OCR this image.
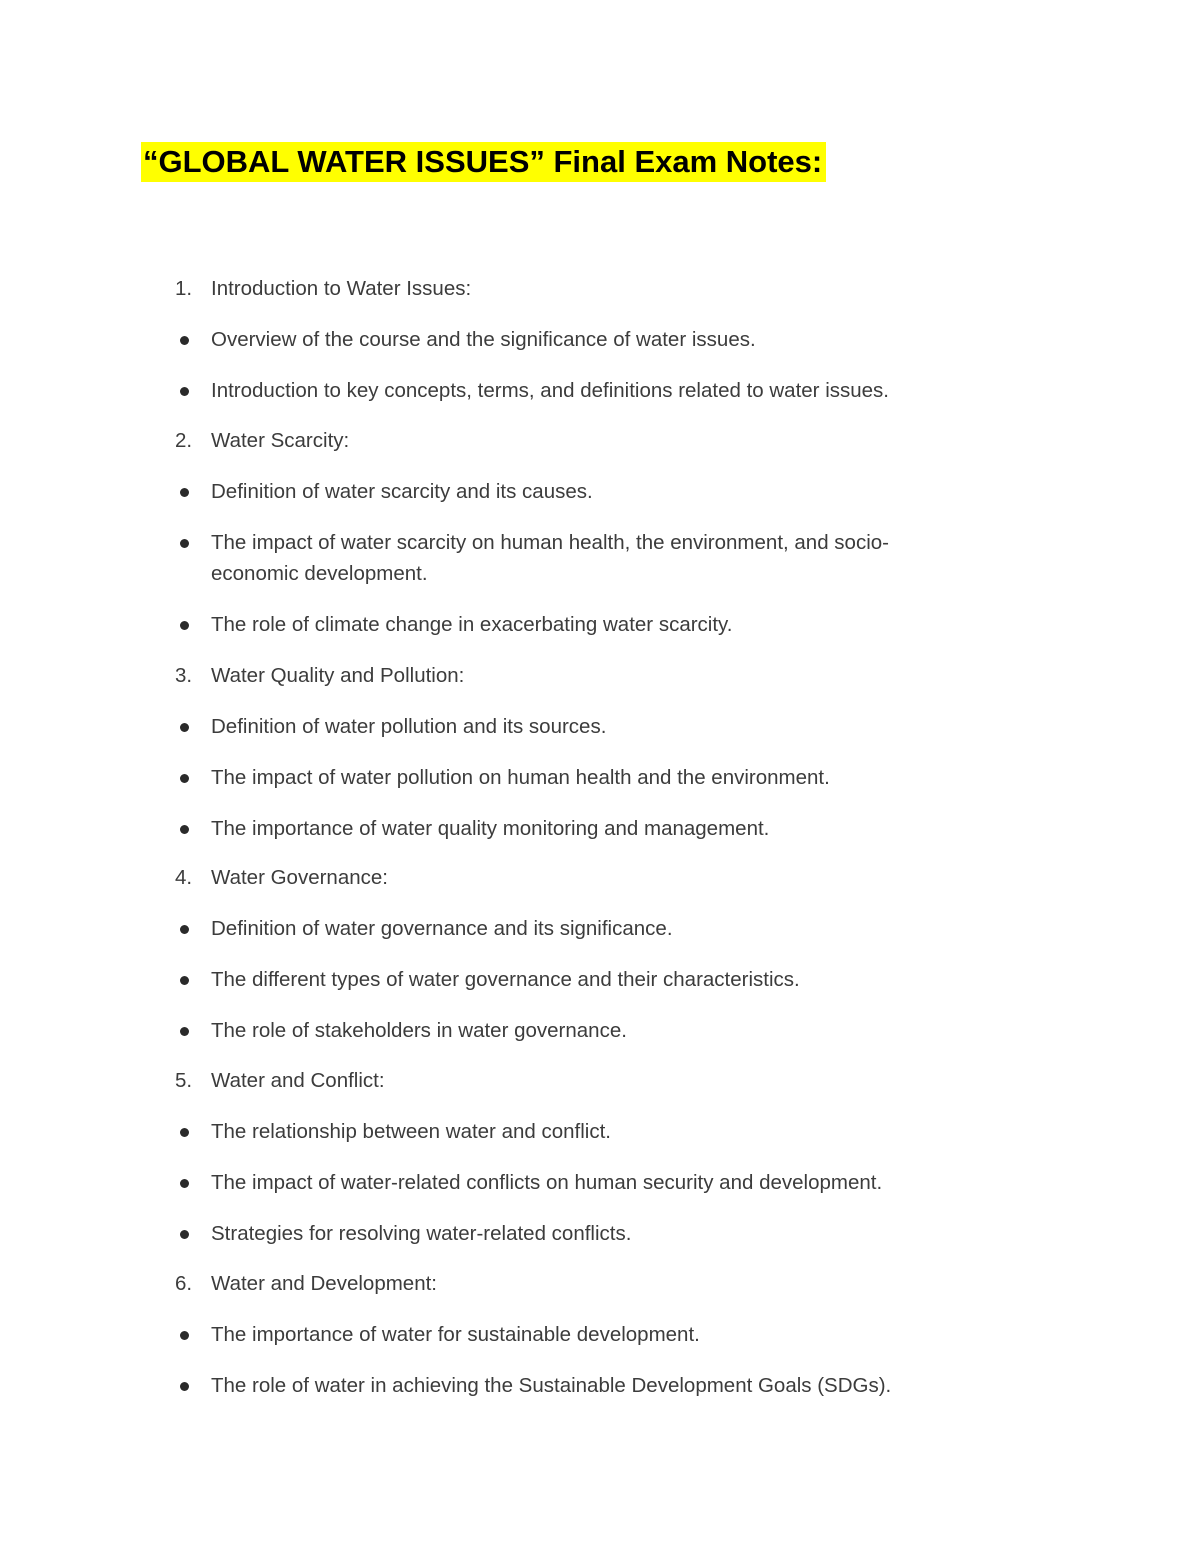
“GLOBAL WATER ISSUES” Final Exam Notes:
1. Introduction to Water Issues:
Overview of the course and the significance of water issues.
Introduction to key concepts, terms, and definitions related to water issues.
2. Water Scarcity:
Definition of water scarcity and its causes.
The impact of water scarcity on human health, the environment, and socio-economic development.
The role of climate change in exacerbating water scarcity.
3. Water Quality and Pollution:
Definition of water pollution and its sources.
The impact of water pollution on human health and the environment.
The importance of water quality monitoring and management.
4. Water Governance:
Definition of water governance and its significance.
The different types of water governance and their characteristics.
The role of stakeholders in water governance.
5. Water and Conflict:
The relationship between water and conflict.
The impact of water-related conflicts on human security and development.
Strategies for resolving water-related conflicts.
6. Water and Development:
The importance of water for sustainable development.
The role of water in achieving the Sustainable Development Goals (SDGs).
